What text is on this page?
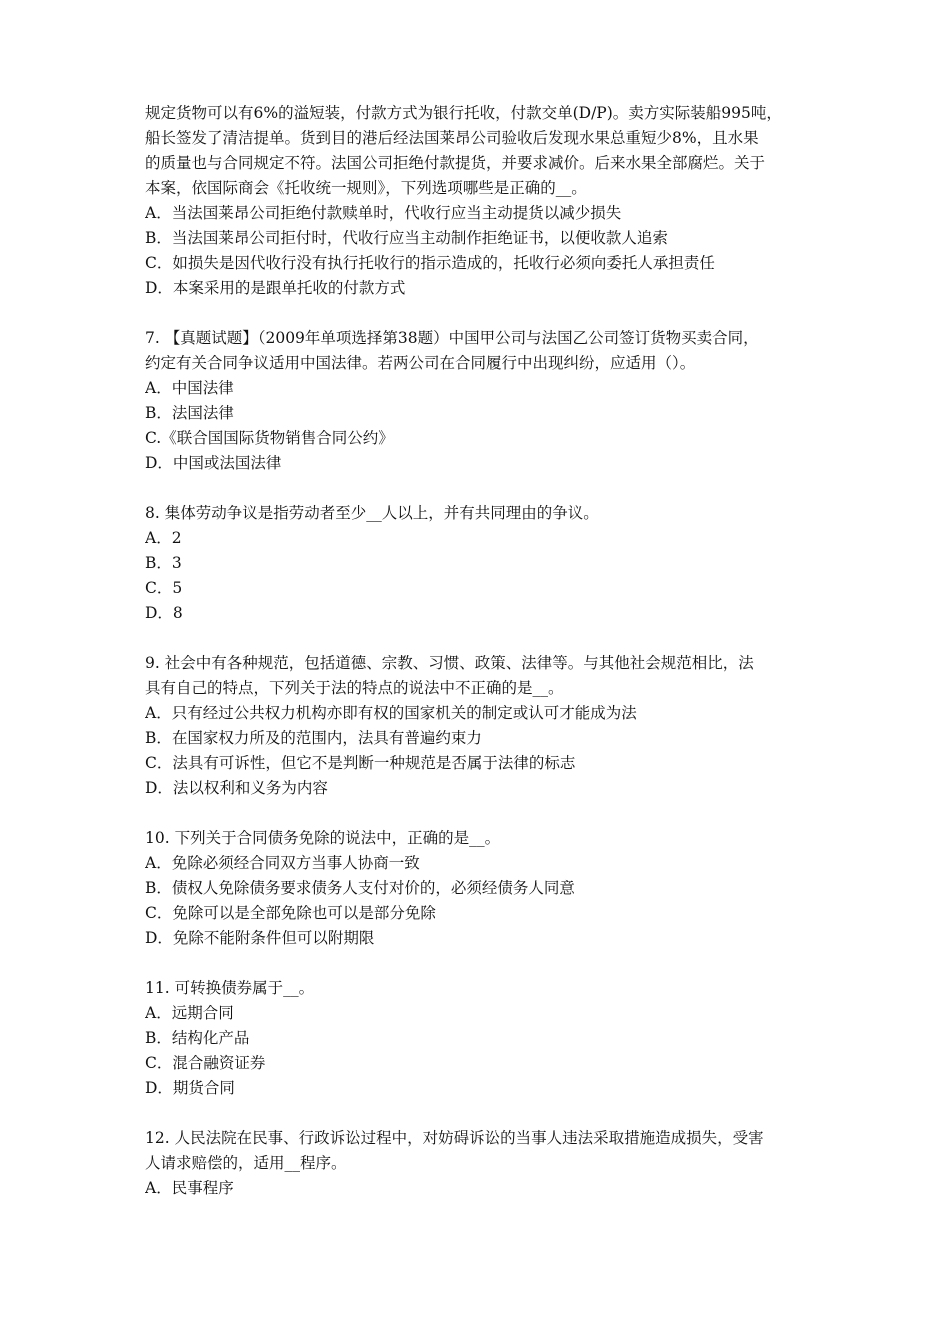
规定货物可以有6%的溢短装，付款方式为银行托收，付款交单(D/P)。卖方实际装船995吨，
船长签发了清洁提单。货到目的港后经法国莱昂公司验收后发现水果总重短少8%，且水果
的质量也与合同规定不符。法国公司拒绝付款提货，并要求减价。后来水果全部腐烂。关于
本案，依国际商会《托收统一规则》，下列选项哪些是正确的__。
A．当法国莱昂公司拒绝付款赎单时，代收行应当主动提货以减少损失
B．当法国莱昂公司拒付时，代收行应当主动制作拒绝证书，以便收款人追索
C．如损失是因代收行没有执行托收行的指示造成的，托收行必须向委托人承担责任
D．本案采用的是跟单托收的付款方式
7. 【真题试题】（2009年单项选择第38题）中国甲公司与法国乙公司签订货物买卖合同，
约定有关合同争议适用中国法律。若两公司在合同履行中出现纠纷，应适用（）。
A．中国法律
B．法国法律
C.《联合国国际货物销售合同公约》
D．中国或法国法律
8. 集体劳动争议是指劳动者至少__人以上，并有共同理由的争议。
A．2
B．3
C．5
D．8
9. 社会中有各种规范，包括道德、宗教、习惯、政策、法律等。与其他社会规范相比，法
具有自己的特点，下列关于法的特点的说法中不正确的是__。
A．只有经过公共权力机构亦即有权的国家机关的制定或认可才能成为法
B．在国家权力所及的范围内，法具有普遍约束力
C．法具有可诉性，但它不是判断一种规范是否属于法律的标志
D．法以权利和义务为内容
10. 下列关于合同债务免除的说法中，正确的是__。
A．免除必须经合同双方当事人协商一致
B．债权人免除债务要求债务人支付对价的，必须经债务人同意
C．免除可以是全部免除也可以是部分免除
D．免除不能附条件但可以附期限
11. 可转换债券属于__。
A．远期合同
B．结构化产品
C．混合融资证券
D．期货合同
12. 人民法院在民事、行政诉讼过程中，对妨碍诉讼的当事人违法采取措施造成损失，受害
人请求赔偿的，适用__程序。
A．民事程序
